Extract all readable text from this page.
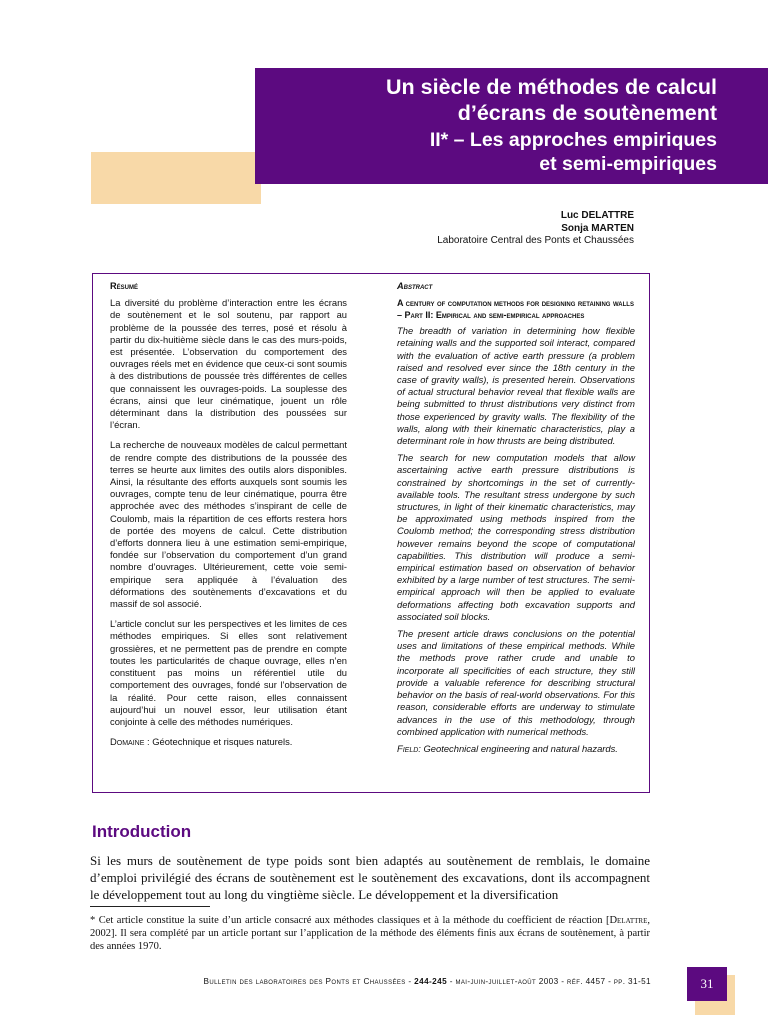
Un siècle de méthodes de calcul
d’écrans de soutènement
II* – Les approches empiriques
et semi-empiriques
Luc DELATTRE
Sonja MARTEN
Laboratoire Central des Ponts et Chaussées
Résumé

La diversité du problème d’interaction entre les écrans de soutènement et le sol soutenu, par rapport au problème de la poussée des terres, posé et résolu à partir du dix-huitième siècle dans le cas des murs-poids, est présentée. L’observation du comportement des ouvrages réels met en évidence que ceux-ci sont soumis à des distributions de poussée très différentes de celles que connaissent les ouvrages-poids. La souplesse des écrans, ainsi que leur cinématique, jouent un rôle déterminant dans la distribution des poussées sur l’écran.

La recherche de nouveaux modèles de calcul permettant de rendre compte des distributions de la poussée des terres se heurte aux limites des outils alors disponibles. Ainsi, la résultante des efforts auxquels sont soumis les ouvrages, compte tenu de leur cinématique, pourra être approchée avec des méthodes s’inspirant de celle de Coulomb, mais la répartition de ces efforts restera hors de portée des moyens de calcul. Cette distribution d’efforts donnera lieu à une estimation semi-empirique, fondée sur l’observation du comportement d’un grand nombre d’ouvrages. Ultérieurement, cette voie semi-empirique sera appliquée à l’évaluation des déformations des soutènements d’excavations et du massif de sol associé.

L’article conclut sur les perspectives et les limites de ces méthodes empiriques. Si elles sont relativement grossières, et ne permettent pas de prendre en compte toutes les particularités de chaque ouvrage, elles n’en constituent pas moins un référentiel utile du comportement des ouvrages, fondé sur l’observation de la réalité. Pour cette raison, elles connaissent aujourd’hui un nouvel essor, leur utilisation étant conjointe à celle des méthodes numériques.

Domaine : Géotechnique et risques naturels.

Abstract

A century of computation methods for designing retaining walls – Part II: Empirical and semi-empirical approaches

The breadth of variation in determining how flexible retaining walls and the supported soil interact, compared with the evaluation of active earth pressure (a problem raised and resolved ever since the 18th century in the case of gravity walls), is presented herein. Observations of actual structural behavior reveal that flexible walls are being submitted to thrust distributions very distinct from those experienced by gravity walls. The flexibility of the walls, along with their kinematic characteristics, play a determinant role in how thrusts are being distributed.

The search for new computation models that allow ascertaining active earth pressure distributions is constrained by shortcomings in the set of currently-available tools. The resultant stress undergone by such structures, in light of their kinematic characteristics, may be approximated using methods inspired from the Coulomb method; the corresponding stress distribution however remains beyond the scope of computational capabilities. This distribution will produce a semi-empirical estimation based on observation of behavior exhibited by a large number of test structures. The semi-empirical approach will then be applied to evaluate deformations affecting both excavation supports and associated soil blocks.

The present article draws conclusions on the potential uses and limitations of these empirical methods. While the methods prove rather crude and unable to incorporate all specificities of each structure, they still provide a valuable reference for describing structural behavior on the basis of real-world observations. For this reason, considerable efforts are underway to stimulate advances in the use of this methodology, through combined application with numerical methods.

Field: Geotechnical engineering and natural hazards.

Introduction
Si les murs de soutènement de type poids sont bien adaptés au soutènement de remblais, le domaine d’emploi privilégié des écrans de soutènement est le soutènement des excavations, dont ils accompagnent le développement tout au long du vingtième siècle. Le développement et la diversification
* Cet article constitue la suite d’un article consacré aux méthodes classiques et à la méthode du coefficient de réaction [Delattre, 2002]. Il sera complété par un article portant sur l’application de la méthode des éléments finis aux écrans de soutènement, à partir des années 1970.
Bulletin des laboratoires des Ponts et Chaussées - 244-245 - mai-juin-juillet-août 2003 - réf. 4457 - pp. 31-51	31
